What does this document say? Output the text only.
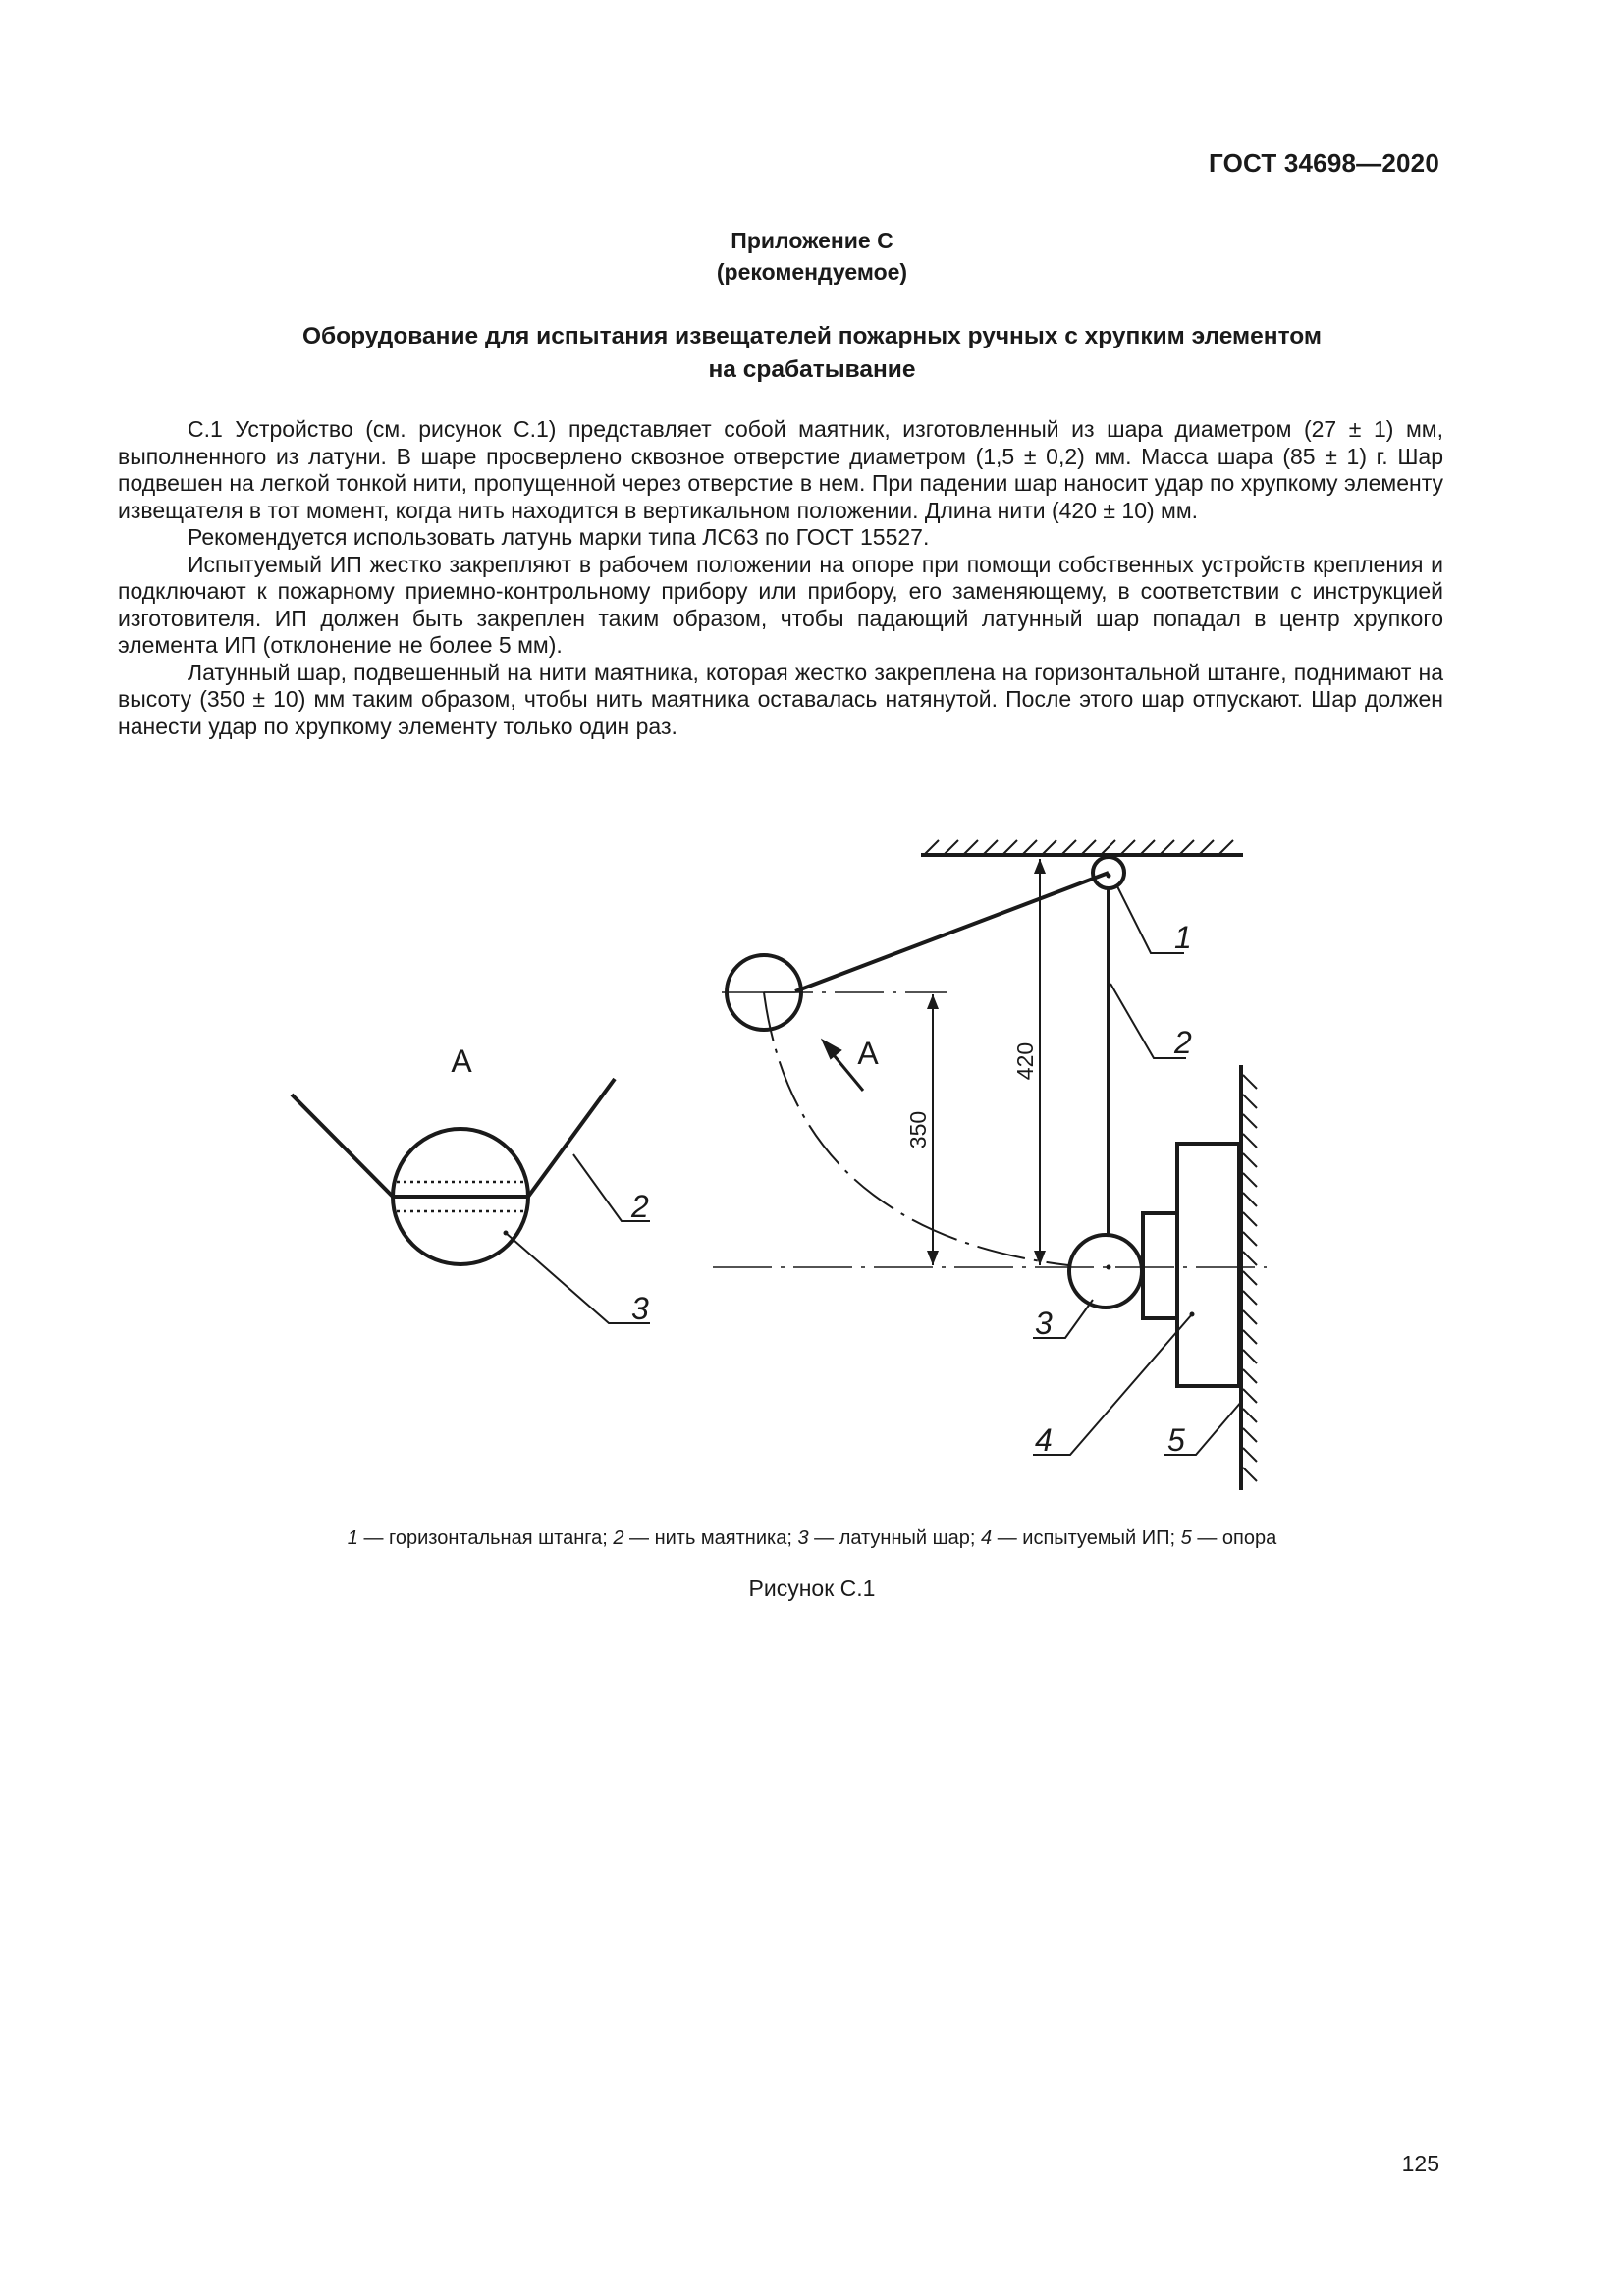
ГОСТ 34698—2020
Приложение С
(рекомендуемое)
Оборудование для испытания извещателей пожарных ручных с хрупким элементом
на срабатывание

С.1 Устройство (см. рисунок С.1) представляет собой маятник, изготовленный из шара диаметром (27 ± 1) мм, выполненного из латуни. В шаре просверлено сквозное отверстие диаметром (1,5 ± 0,2) мм. Масса шара (85 ± 1) г. Шар подвешен на легкой тонкой нити, пропущенной через отверстие в нем. При падении шар наносит удар по хрупкому элементу извещателя в тот момент, когда нить находится в вертикальном положении. Длина нити (420 ± 10) мм.

Рекомендуется использовать латунь марки типа ЛС63 по ГОСТ 15527.

Испытуемый ИП жестко закрепляют в рабочем положении на опоре при помощи собственных устройств крепления и подключают к пожарному приемно-контрольному прибору или прибору, его заменяющему, в соответствии с инструкцией изготовителя. ИП должен быть закреплен таким образом, чтобы падающий латунный шар попадал в центр хрупкого элемента ИП (отклонение не более 5 мм).

Латунный шар, подвешенный на нити маятника, которая жестко закреплена на горизонтальной штанге, поднимают на высоту (350 ± 10) мм таким образом, чтобы нить маятника оставалась натянутой. После этого шар отпускают. Шар должен нанести удар по хрупкому элементу только один раз.

А	А
350
420
1
2
3
4	5
2
3
1 — горизонтальная штанга; 2 — нить маятника; 3 — латунный шар; 4 — испытуемый ИП; 5 — опора
Рисунок С.1
125
